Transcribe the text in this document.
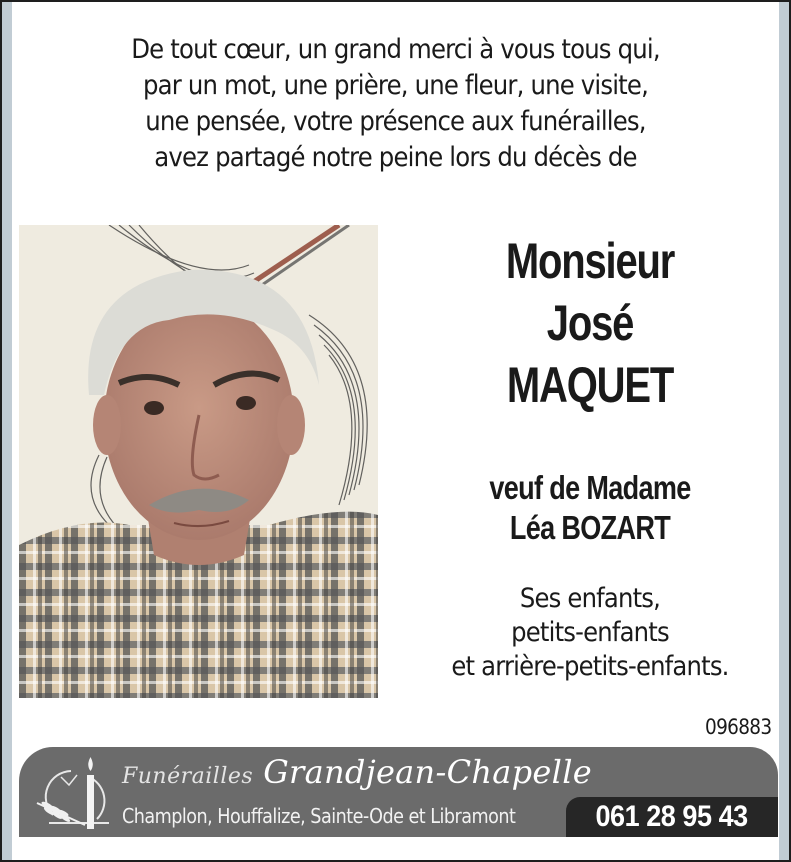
De tout cœur, un grand merci à vous tous qui,
par un mot, une prière, une fleur, une visite,
une pensée, votre présence aux funérailles,
avez partagé notre peine lors du décès de
Monsieur
José
MAQUET
veuf de Madame
Léa BOZART
Ses enfants,
petits-enfants
et arrière-petits-enfants.
096883
Funérailles Grandjean-Chapelle
Champlon, Houffalize, Sainte-Ode et Libramont	061 28 95 43
